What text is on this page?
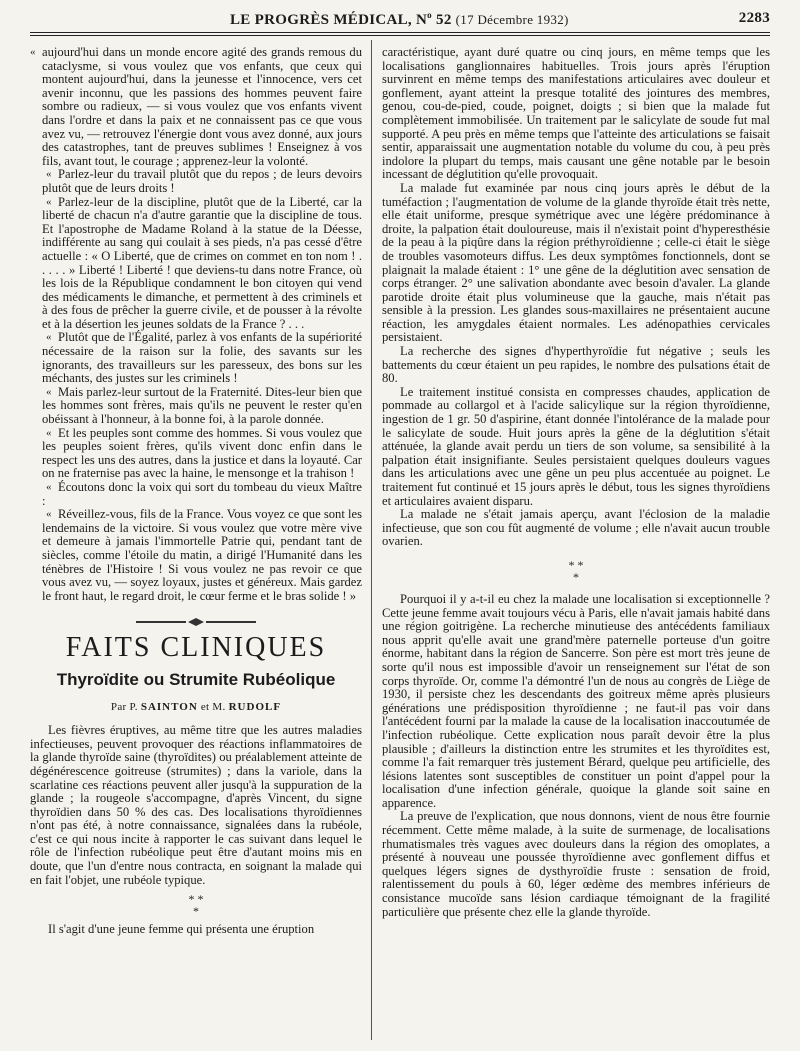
LE PROGRÈS MÉDICAL, $N^o$ 52 (17 Décembre 1932)	2283

« aujourd'hui dans un monde encore agité des grands remous du cataclysme, si vous voulez que vos enfants, que ceux qui montent aujourd'hui, dans la jeunesse et l'innocence, vers cet avenir inconnu, que les passions des hommes peuvent faire sombre ou radieux, — si vous voulez que vos enfants vivent dans l'ordre et dans la paix et ne connaissent pas ce que vous avez vu, — retrouvez l'énergie dont vous avez donné, aux jours des catastrophes, tant de preuves sublimes ! Enseignez à vos fils, avant tout, le courage ; apprenez-leur la volonté.

« Parlez-leur du travail plutôt que du repos ; de leurs devoirs plutôt que de leurs droits !

« Parlez-leur de la discipline, plutôt que de la Liberté, car la liberté de chacun n'a d'autre garantie que la discipline de tous. Et l'apostrophe de Madame Roland à la statue de la Déesse, indifférente au sang qui coulait à ses pieds, n'a pas cessé d'être actuelle : « O Liberté, que de crimes on commet en ton nom ! . . . . . » Liberté ! Liberté ! que deviens-tu dans notre France, où les lois de la République condamnent le bon citoyen qui vend des médicaments le dimanche, et permettent à des criminels et à des fous de prêcher la guerre civile, et de pousser à la révolte et à la désertion les jeunes soldats de la France ? . . .

« Plutôt que de l'Égalité, parlez à vos enfants de la supériorité nécessaire de la raison sur la folie, des savants sur les ignorants, des travailleurs sur les paresseux, des bons sur les méchants, des justes sur les criminels !

« Mais parlez-leur surtout de la Fraternité. Dites-leur bien que les hommes sont frères, mais qu'ils ne peuvent le rester qu'en obéissant à l'honneur, à la bonne foi, à la parole donnée.

« Et les peuples sont comme des hommes. Si vous voulez que les peuples soient frères, qu'ils vivent donc enfin dans le respect les uns des autres, dans la justice et dans la loyauté. Car on ne fraternise pas avec la haine, le mensonge et la trahison !

« Écoutons donc la voix qui sort du tombeau du vieux Maître :

« Réveillez-vous, fils de la France. Vous voyez ce que sont les lendemains de la victoire. Si vous voulez que votre mère vive et demeure à jamais l'immortelle Patrie qui, pendant tant de siècles, comme l'étoile du matin, a dirigé l'Humanité dans les ténèbres de l'Histoire ! Si vous voulez ne pas revoir ce que vous avez vu, — soyez loyaux, justes et généreux. Mais gardez le front haut, le regard droit, le cœur ferme et le bras solide ! »

FAITS CLINIQUES
Thyroïdite ou Strumite Rubéolique
Par P. SAINTON et M. RUDOLF

Les fièvres éruptives, au même titre que les autres maladies infectieuses, peuvent provoquer des réactions inflammatoires de la glande thyroïde saine (thyroïdites) ou préalablement atteinte de dégénérescence goitreuse (strumites) ; dans la variole, dans la scarlatine ces réactions peuvent aller jusqu'à la suppuration de la glande ; la rougeole s'accompagne, d'après Vincent, du signe thyroïdien dans 50 % des cas. Des localisations thyroïdiennes n'ont pas été, à notre connaissance, signalées dans la rubéole, c'est ce qui nous incite à rapporter le cas suivant dans lequel le rôle de l'infection rubéolique peut être d'autant moins mis en doute, que l'un d'entre nous contracta, en soignant la malade qui en fait l'objet, une rubéole typique.

* *
*

Il s'agit d'une jeune femme qui présenta une éruption

caractéristique, ayant duré quatre ou cinq jours, en même temps que les localisations ganglionnaires habituelles. Trois jours après l'éruption survinrent en même temps des manifestations articulaires avec douleur et gonflement, ayant atteint la presque totalité des jointures des membres, genou, cou-de-pied, coude, poignet, doigts ; si bien que la malade fut complètement immobilisée. Un traitement par le salicylate de soude fut mal supporté. A peu près en même temps que l'atteinte des articulations se faisait sentir, apparaissait une augmentation notable du volume du cou, à peu près indolore la plupart du temps, mais causant une gêne notable par le besoin incessant de déglutition qu'elle provoquait.

La malade fut examinée par nous cinq jours après le début de la tuméfaction ; l'augmentation de volume de la glande thyroïde était très nette, elle était uniforme, presque symétrique avec une légère prédominance à droite, la palpation était douloureuse, mais il n'existait point d'hyperesthésie de la peau à la piqûre dans la région préthyroïdienne ; celle-ci était le siège de troubles vasomoteurs diffus. Les deux symptômes fonctionnels, dont se plaignait la malade étaient : 1° une gêne de la déglutition avec sensation de corps étranger. 2° une salivation abondante avec besoin d'avaler. La glande parotide droite était plus volumineuse que la gauche, mais n'était pas sensible à la pression. Les glandes sous-maxillaires ne présentaient aucune réaction, les amygdales étaient normales. Les adénopathies cervicales persistaient.

La recherche des signes d'hyperthyroïdie fut négative ; seuls les battements du cœur étaient un peu rapides, le nombre des pulsations était de 80.

Le traitement institué consista en compresses chaudes, application de pommade au collargol et à l'acide salicylique sur la région thyroïdienne, ingestion de 1 gr. 50 d'aspirine, étant donnée l'intolérance de la malade pour le salicylate de soude. Huit jours après la gêne de la déglutition s'était atténuée, la glande avait perdu un tiers de son volume, sa sensibilité à la palpation était insignifiante. Seules persistaient quelques douleurs vagues dans les articulations avec une gêne un peu plus accentuée au poignet. Le traitement fut continué et 15 jours après le début, tous les signes thyroïdiens et articulaires avaient disparu.

La malade ne s'était jamais aperçu, avant l'éclosion de la maladie infectieuse, que son cou fût augmenté de volume ; elle n'avait aucun trouble ovarien.

* *
*

Pourquoi il y a-t-il eu chez la malade une localisation si exceptionnelle ? Cette jeune femme avait toujours vécu à Paris, elle n'avait jamais habité dans une région goitrigène. La recherche minutieuse des antécédents familiaux nous apprit qu'elle avait une grand'mère paternelle porteuse d'un goitre énorme, habitant dans la région de Sancerre. Son père est mort très jeune de sorte qu'il nous est impossible d'avoir un renseignement sur l'état de son corps thyroïde. Or, comme l'a démontré l'un de nous au congrès de Liège de 1930, il persiste chez les descendants des goitreux même après plusieurs générations une prédisposition thyroïdienne ; ne faut-il pas voir dans l'antécédent fourni par la malade la cause de la localisation inaccoutumée de l'infection rubéolique. Cette explication nous paraît devoir être la plus plausible ; d'ailleurs la distinction entre les strumites et les thyroïdites est, comme l'a fait remarquer très justement Bérard, quelque peu artificielle, des lésions latentes sont susceptibles de constituer un point d'appel pour la localisation d'une infection générale, quoique la glande soit saine en apparence.

La preuve de l'explication, que nous donnons, vient de nous être fournie récemment. Cette même malade, à la suite de surmenage, de localisations rhumatismales très vagues avec douleurs dans la région des omoplates, a présenté à nouveau une poussée thyroïdienne avec gonflement diffus et quelques légers signes de dysthyroïdie fruste : sensation de froid, ralentissement du pouls à 60, léger œdème des membres inférieurs de consistance mucoïde sans lésion cardiaque témoignant de la fragilité particulière que présente chez elle la glande thyroïde.
